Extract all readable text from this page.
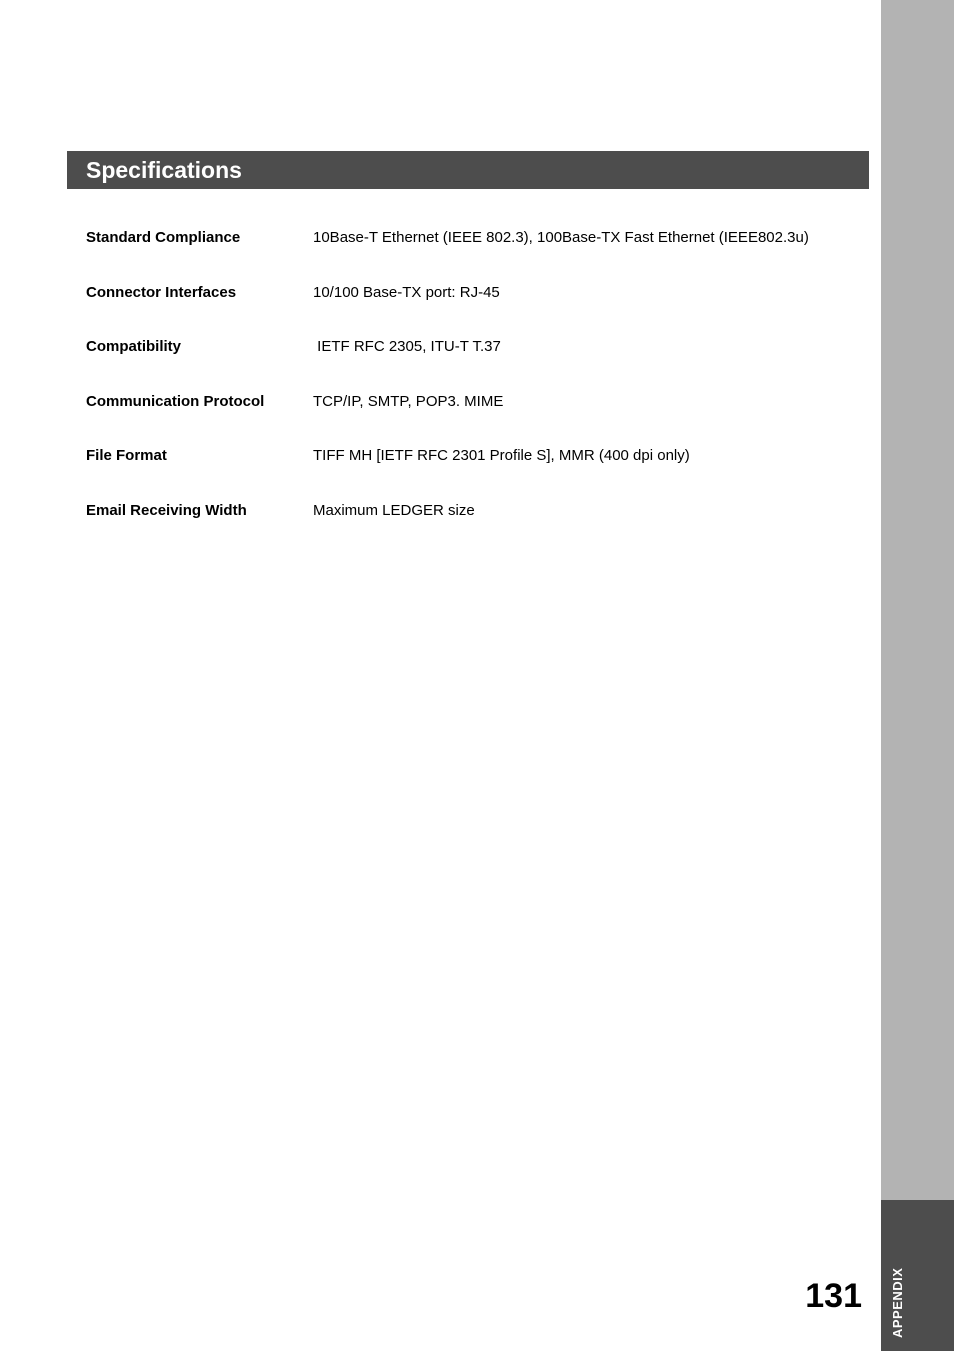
APPENDIX
Specifications
Standard Compliance	10Base-T Ethernet (IEEE 802.3), 100Base-TX Fast Ethernet (IEEE802.3u)
Connector Interfaces	10/100 Base-TX port: RJ-45
Compatibility	IETF RFC 2305, ITU-T T.37
Communication Protocol	TCP/IP, SMTP, POP3. MIME
File Format	TIFF MH [IETF RFC 2301 Profile S], MMR (400 dpi only)
Email Receiving Width	Maximum LEDGER size
131
